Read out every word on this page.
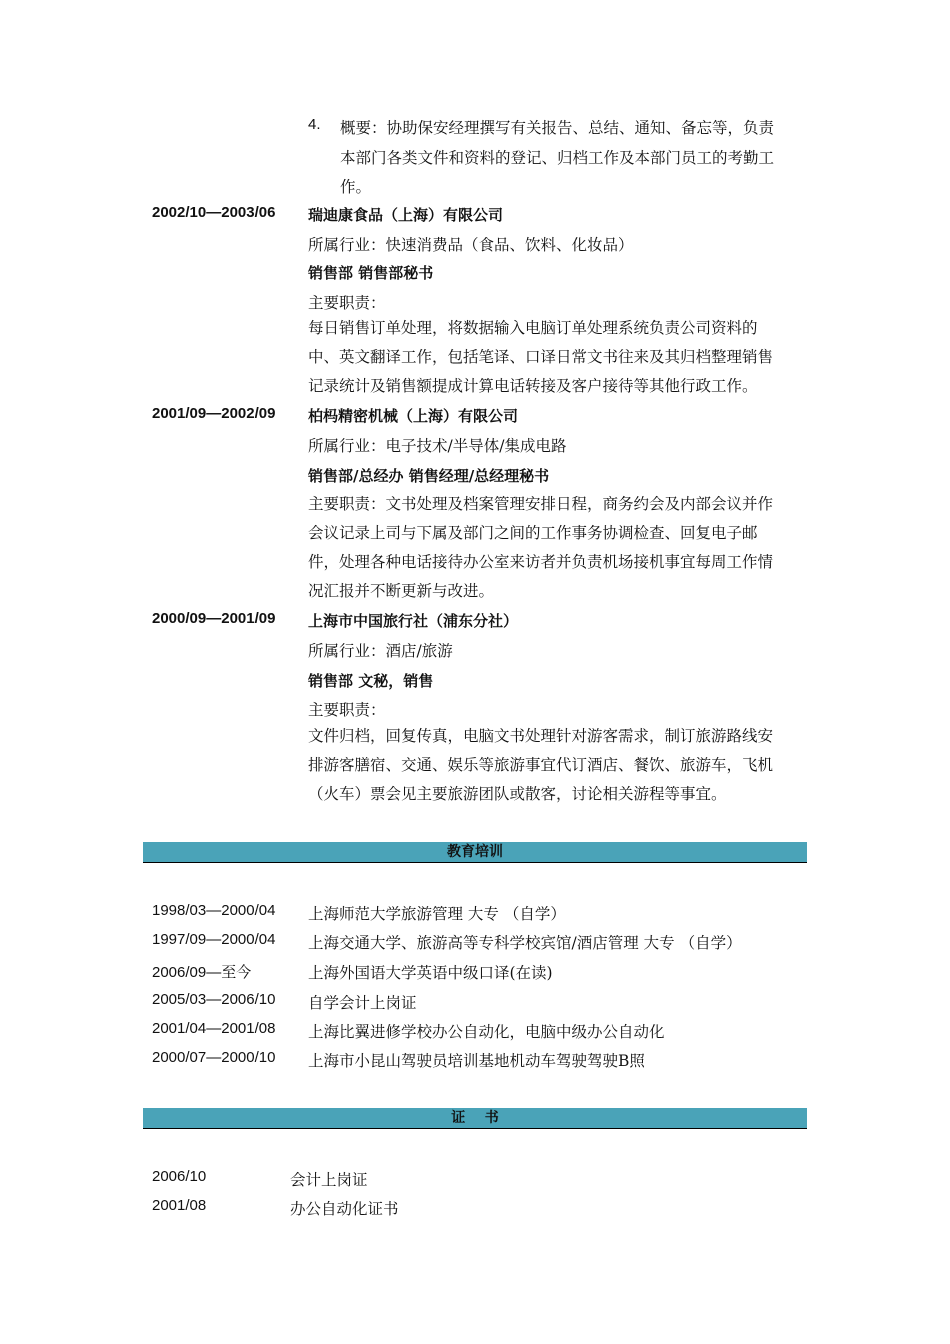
4. 概要：协助保安经理撰写有关报告、总结、通知、备忘等，负责
本部门各类文件和资料的登记、归档工作及本部门员工的考勤工
作。
2002/10—2003/06 瑞迪康食品（上海）有限公司
所属行业：快速消费品（食品、饮料、化妆品）
销售部 销售部秘书
主要职责：
每日销售订单处理，将数据输入电脑订单处理系统负责公司资料的
中、英文翻译工作，包括笔译、口译日常文书往来及其归档整理销售
记录统计及销售额提成计算电话转接及客户接待等其他行政工作。
2001/09—2002/09 柏杩精密机械（上海）有限公司
所属行业：电子技术/半导体/集成电路
销售部/总经办 销售经理/总经理秘书
主要职责：文书处理及档案管理安排日程，商务约会及内部会议并作
会议记录上司与下属及部门之间的工作事务协调检查、回复电子邮
件，处理各种电话接待办公室来访者并负责机场接机事宜每周工作情
况汇报并不断更新与改进。
2000/09—2001/09 上海市中国旅行社（浦东分社）
所属行业：酒店/旅游
销售部 文秘，销售
主要职责：
文件归档，回复传真，电脑文书处理针对游客需求，制订旅游路线安
排游客膳宿、交通、娱乐等旅游事宜代订酒店、餐饮、旅游车，飞机
（火车）票会见主要旅游团队或散客，讨论相关游程等事宜。
教育培训
1998/03—2000/04 上海师范大学旅游管理 大专 （自学）
1997/09—2000/04 上海交通大学、旅游高等专科学校宾馆/酒店管理 大专 （自学）
2006/09—至今	上海外国语大学英语中级口译(在读)
2005/03—2006/10 自学会计上岗证
2001/04—2001/08 上海比翼进修学校办公自动化，电脑中级办公自动化
2000/07—2000/10 上海市小昆山驾驶员培训基地机动车驾驶驾驶B照
证    书
2006/10	会计上岗证
2001/08	办公自动化证书
